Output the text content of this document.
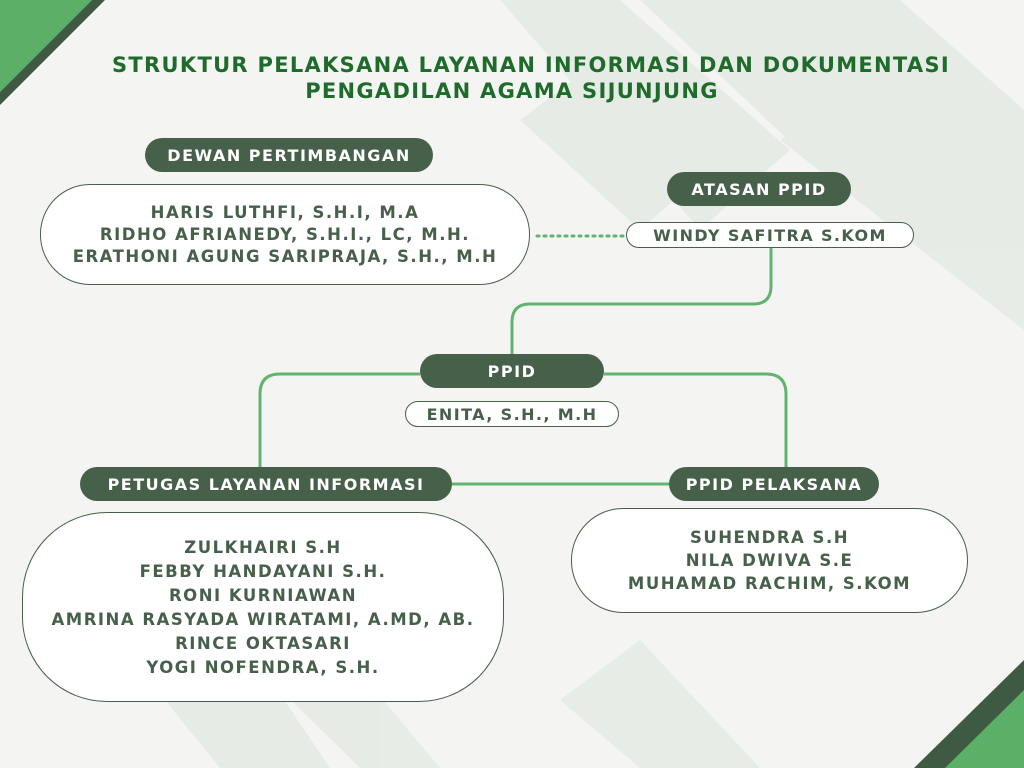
STRUKTUR PELAKSANA LAYANAN INFORMASI DAN DOKUMENTASI
PENGADILAN AGAMA SIJUNJUNG
DEWAN PERTIMBANGAN
HARIS LUTHFI, S.H.I, M.A
RIDHO AFRIANEDY, S.H.I., LC, M.H.
ERATHONI AGUNG SARIPRAJA, S.H., M.H
ATASAN PPID
WINDY SAFITRA S.KOM
PPID
ENITA, S.H., M.H
PETUGAS LAYANAN INFORMASI
ZULKHAIRI S.H
FEBBY HANDAYANI S.H.
RONI KURNIAWAN
AMRINA RASYADA WIRATAMI, A.MD, AB.
RINCE OKTASARI
YOGI NOFENDRA, S.H.
PPID PELAKSANA
SUHENDRA S.H
NILA DWIVA S.E
MUHAMAD RACHIM, S.KOM
